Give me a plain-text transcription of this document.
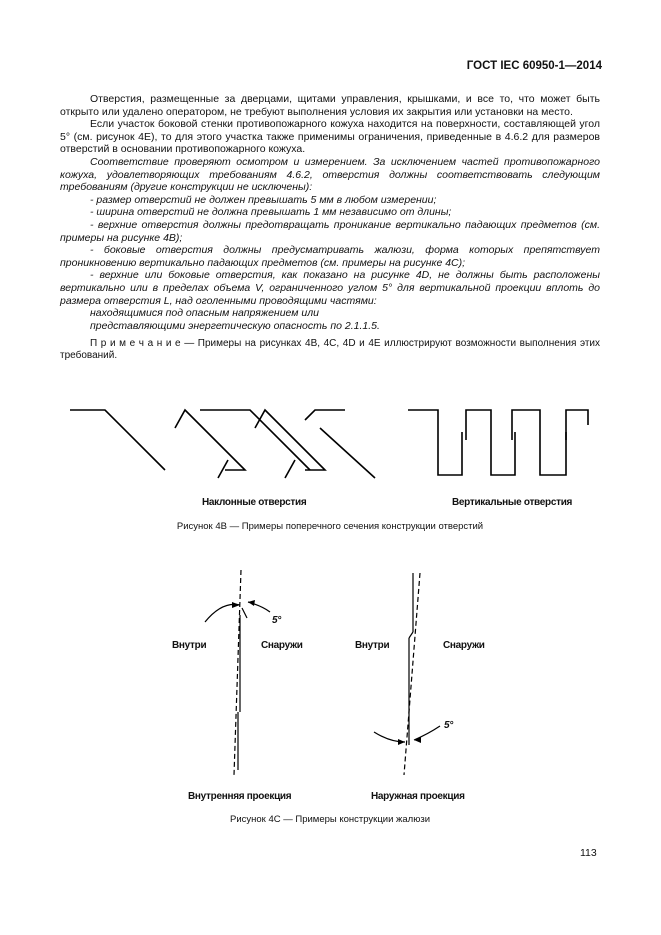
ГОСТ IEC 60950-1—2014

Отверстия, размещенные за дверцами, щитами управления, крышками, и все то, что может быть открыто или удалено оператором, не требуют выполнения условия их закрытия или установки на место.

Если участок боковой стенки противопожарного кожуха находится на поверхности, составляющей угол 5° (см. рисунок 4Е), то для этого участка также применимы ограничения, приведенные в 4.6.2 для размеров отверстий в основании противопожарного кожуха.

Соответствие проверяют осмотром и измерением. За исключением частей противопожарного кожуха, удовлетворяющих требованиям 4.6.2, отверстия должны соответствовать следующим требованиям (другие конструкции не исключены):

- размер отверстий не должен превышать 5 мм в любом измерении;

- ширина отверстий не должна превышать 1 мм независимо от длины;

- верхние отверстия должны предотвращать проникание вертикально падающих предметов (см. примеры на рисунке 4В);

- боковые отверстия должны предусматривать жалюзи, форма которых препятствует проникновению вертикально падающих предметов (см. примеры на рисунке 4С);

- верхние или боковые отверстия, как показано на рисунке 4D, не должны быть расположены вертикально или в пределах объема V, ограниченного углом 5° для вертикальной проекции вплоть до размера отверстия L, над оголенными проводящими частями:

находящимися под опасным напряжением или

представляющими энергетическую опасность по 2.1.1.5.

П р и м е ч а н и е — Примеры на рисунках 4В, 4С, 4D и 4Е иллюстрируют возможности выполнения этих требований.

Наклонные отверстия	Вертикальные отверстия
Рисунок 4В — Примеры поперечного сечения конструкции отверстий
5°
5°
Внутри	Снаружи	Внутри	Снаружи
Внутренняя проекция	Наружная проекция
Рисунок 4С — Примеры конструкции жалюзи
113
